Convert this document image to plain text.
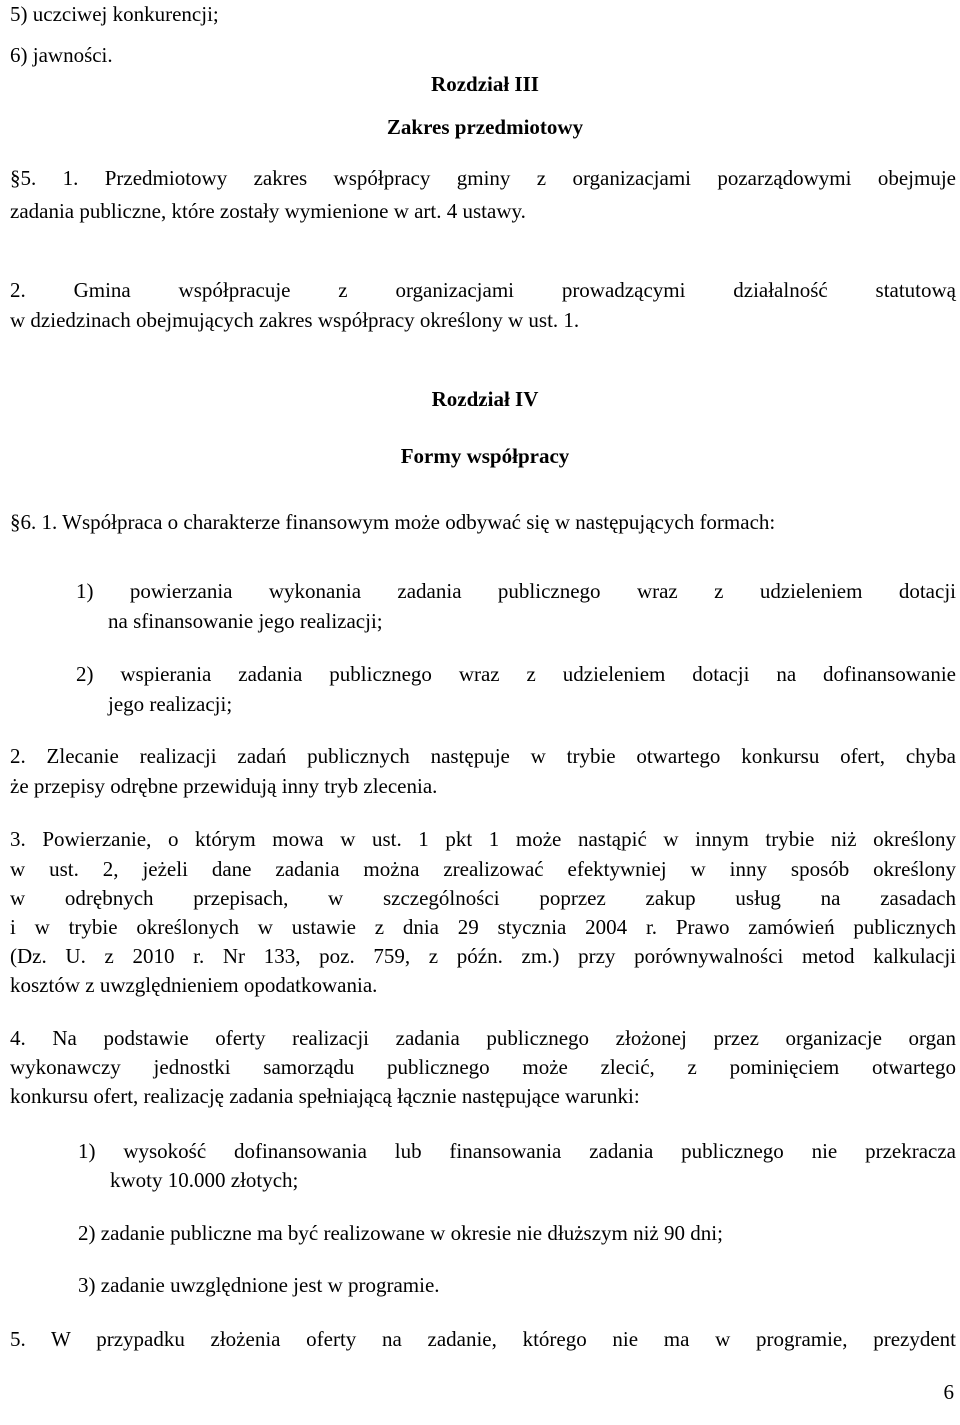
5) uczciwej konkurencji;
6) jawności.
Rozdział III
Zakres przedmiotowy
§5. 1. Przedmiotowy zakres współpracy gminy z organizacjami pozarządowymi obejmuje
zadania publiczne, które zostały wymienione w art. 4 ustawy.
2. Gmina współpracuje z organizacjami prowadzącymi działalność statutową
w dziedzinach obejmujących zakres współpracy określony w ust. 1.
Rozdział IV
Formy współpracy
§6. 1. Współpraca o charakterze finansowym może odbywać się w następujących formach:
1) powierzania wykonania zadania publicznego wraz z udzieleniem dotacji
na sfinansowanie jego realizacji;
2) wspierania zadania publicznego wraz z udzieleniem dotacji na dofinansowanie
jego realizacji;
2. Zlecanie realizacji zadań publicznych następuje w trybie otwartego konkursu ofert, chyba
że przepisy odrębne przewidują inny tryb zlecenia.
3. Powierzanie, o którym mowa w ust. 1 pkt 1 może nastąpić w innym trybie niż określony
w ust. 2, jeżeli dane zadania można zrealizować efektywniej w inny sposób określony
w odrębnych przepisach, w szczególności poprzez zakup usług na zasadach
i w trybie określonych w ustawie z dnia 29 stycznia 2004 r. Prawo zamówień publicznych
(Dz. U. z 2010 r. Nr 133, poz. 759, z późn. zm.) przy porównywalności metod kalkulacji
kosztów z uwzględnieniem opodatkowania.
4. Na podstawie oferty realizacji zadania publicznego złożonej przez organizacje organ
wykonawczy jednostki samorządu publicznego może zlecić, z pominięciem otwartego
konkursu ofert, realizację zadania spełniającą łącznie następujące warunki:
1) wysokość dofinansowania lub finansowania zadania publicznego nie przekracza
kwoty 10.000 złotych;
2) zadanie publiczne ma być realizowane w okresie nie dłuższym niż 90 dni;
3) zadanie uwzględnione jest w programie.
5. W przypadku złożenia oferty na zadanie, którego nie ma w programie, prezydent
6
